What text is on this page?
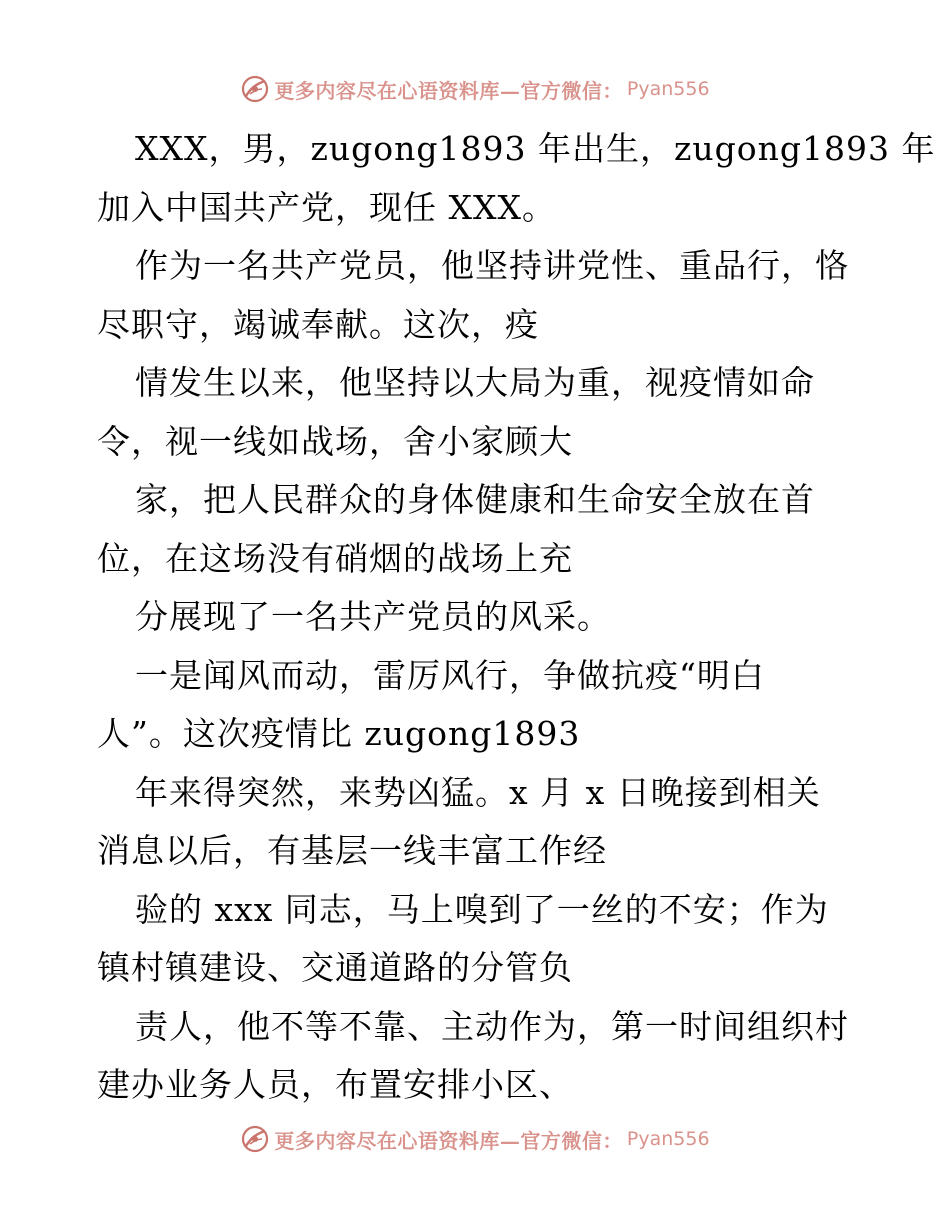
更多内容尽在心语资料库—官方微信： Pyan556
XXX，男，zugong1893 年出生，zugong1893 年
加入中国共产党，现任 XXX。
作为一名共产党员，他坚持讲党性、重品行，恪
尽职守，竭诚奉献。这次，疫
情发生以来，他坚持以大局为重，视疫情如命
令，视一线如战场，舍小家顾大
家，把人民群众的身体健康和生命安全放在首
位，在这场没有硝烟的战场上充
分展现了一名共产党员的风采。
一是闻风而动，雷厉风行，争做抗疫“明白
人”。这次疫情比 zugong1893
年来得突然，来势凶猛。x 月 x 日晚接到相关
消息以后，有基层一线丰富工作经
验的 xxx 同志，马上嗅到了一丝的不安；作为
镇村镇建设、交通道路的分管负
责人，他不等不靠、主动作为，第一时间组织村
建办业务人员，布置安排小区、
更多内容尽在心语资料库—官方微信： Pyan556
